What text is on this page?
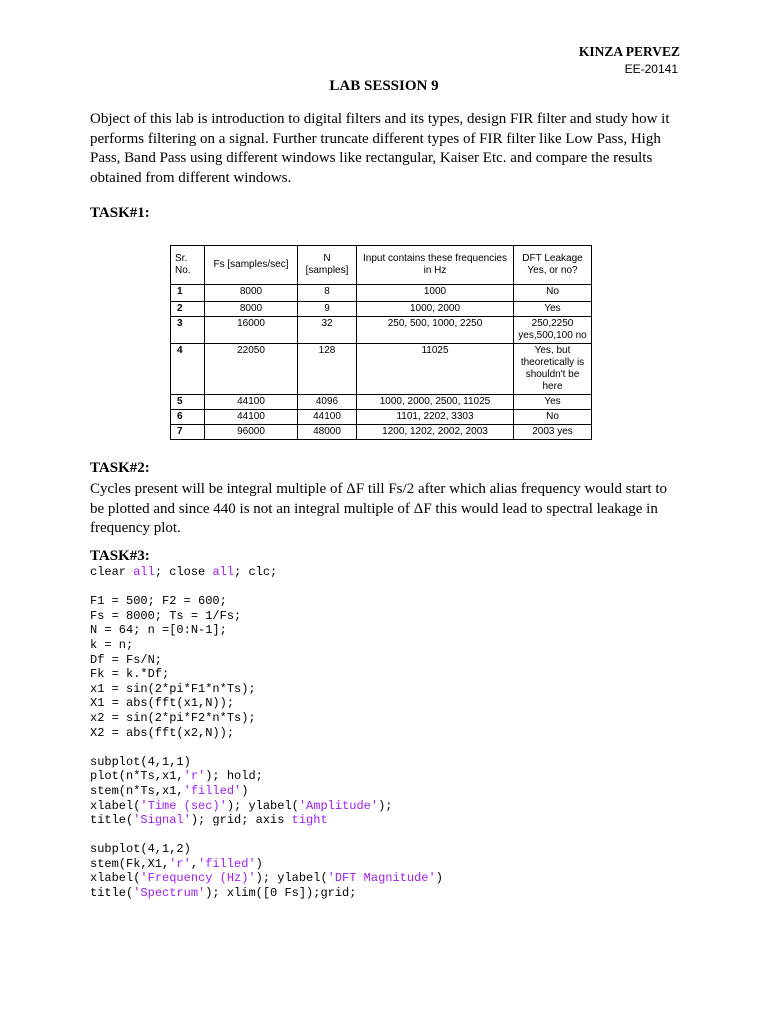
KINZA PERVEZ
EE-20141
LAB SESSION 9

Object of this lab is introduction to digital filters and its types, design FIR filter and study how it performs filtering on a signal. Further truncate different types of FIR filter like Low Pass, High Pass, Band Pass using different windows like rectangular, Kaiser Etc. and compare the results obtained from different windows.

TASK#1:
Sr. No.	Fs [samples/sec]	N [samples]	Input contains these frequencies in Hz	DFT Leakage Yes, or no?
1	8000	8	1000	No
2	8000	9	1000, 2000	Yes
3	16000	32	250, 500, 1000, 2250	250,2250 yes,500,100 no
4	22050	128	11025	Yes, but theoretically is shouldn't be here
5	44100	4096	1000, 2000, 2500, 11025	Yes
6	44100	44100	1101, 2202, 3303	No
7	96000	48000	1200, 1202, 2002, 2003	2003 yes
TASK#2:

Cycles present will be integral multiple of ΔF till Fs/2 after which alias frequency would start to be plotted and since 440 is not an integral multiple of ΔF this would lead to spectral leakage in frequency plot.

TASK#3:
clear all; close all; clc;
F1 = 500; F2 = 600;
Fs = 8000; Ts = 1/Fs;
N = 64; n =[0:N-1];
k = n;
Df = Fs/N;
Fk = k.*Df;
x1 = sin(2*pi*F1*n*Ts);
X1 = abs(fft(x1,N));
x2 = sin(2*pi*F2*n*Ts);
X2 = abs(fft(x2,N));
subplot(4,1,1)
plot(n*Ts,x1,'r'); hold;
stem(n*Ts,x1,'filled')
xlabel('Time (sec)'); ylabel('Amplitude');
title('Signal'); grid; axis tight
subplot(4,1,2)
stem(Fk,X1,'r','filled')
xlabel('Frequency (Hz)'); ylabel('DFT Magnitude')
title('Spectrum'); xlim([0 Fs]);grid;
